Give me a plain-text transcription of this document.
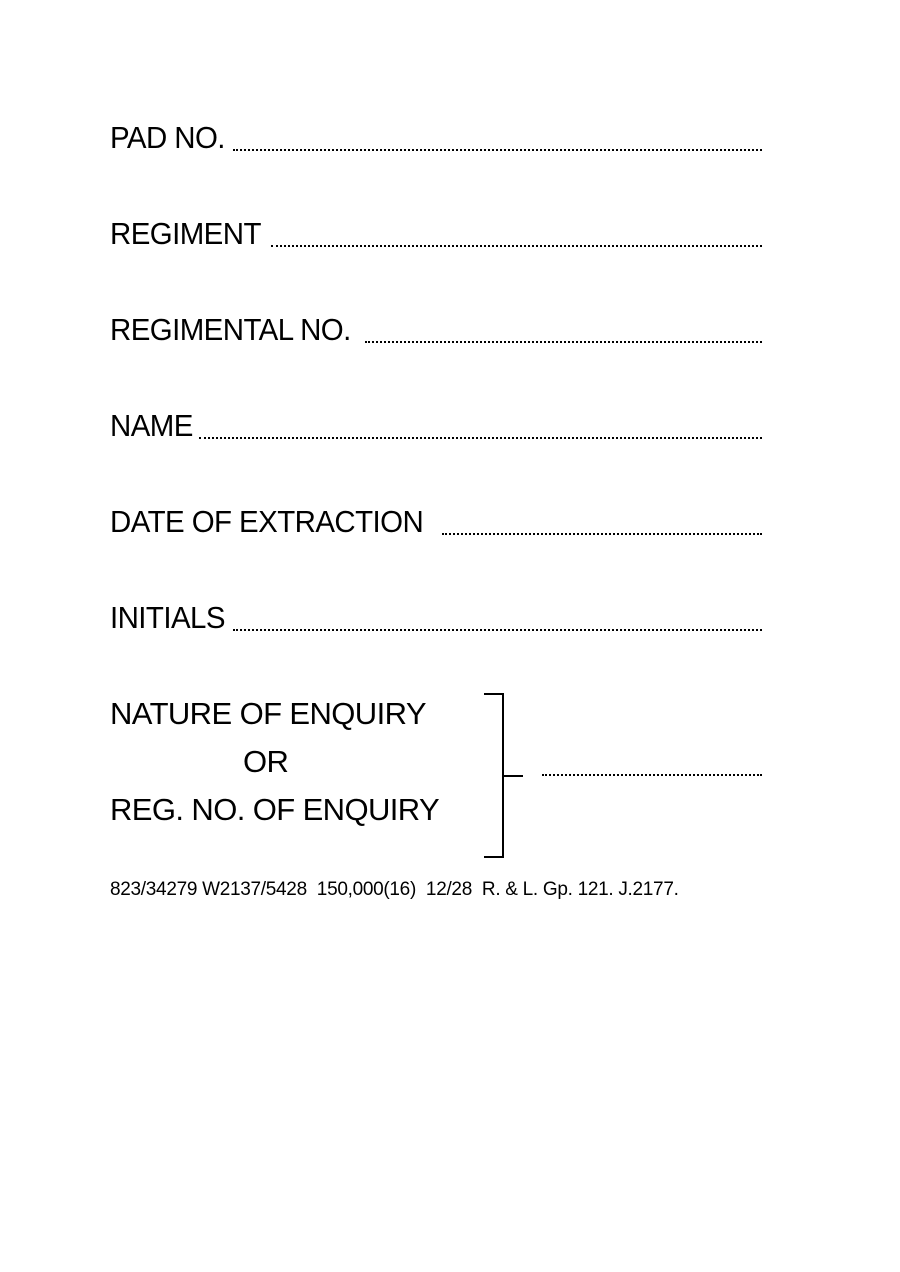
PAD NO.
REGIMENT
REGIMENTAL NO.
NAME
DATE OF EXTRACTION
INITIALS
NATURE OF ENQUIRY
OR
REG. NO. OF ENQUIRY
823/34279 W2137/5428  150,000(16)  12/28  R. & L. Gp. 121. J.2177.
